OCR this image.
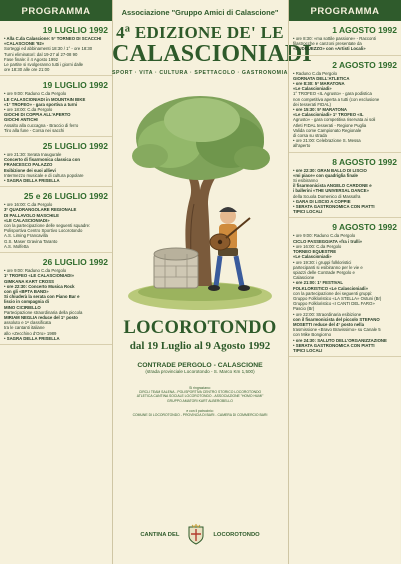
PROGRAMMA
19 LUGLIO 1992
• Alla C.da Calascione: 5° TORNEO DI SCACCHI «CALASCIONE '92»
Sorteggi ed abbinamenti 18:30 / 1° - ore 18:30
Turni eliminatori: dal 19-27 al 27-08 90
Fase finale: il 4 Agosto 1992
Le partite si svolgeranno tutti i giorni dalle
ore 18:30 alle ore 21:00
19 LUGLIO 1992
• ore 9:00: Raduno C.da Pergolo
LE CALASCIONIADI in MOUNTAIN BIKE
«1° TROFEO» - gara sportiva a turni
• ore 18:00: C.da Pergolo
GIOCHI DI COPPIA ALL'APERTO
GIOCHI ANTICHI
Assalto alla cuccagna - Braccio di ferro
Tiro alla fune - Corsa nei sacchi
25 LUGLIO 1992
• ore 21:30: Serata Inaugurale
Concerto di fisarmonica classica con
FRANCESCO PALAZZO
Esibizione dei suoi allievi
Intermezzo musicale e di cultura popolare
• SAGRA DELLA FRISELLA
25 e 26 LUGLIO 1992
• ore 16:00: C.da Pergolo
3° QUADRANGOLARE REGIONALE
DI PALLAVOLO MASCHILE
«LE CALASCIONIADI»
con la partecipazione delle seguenti squadre:
Polisportiva Centro Sportivo Locorotondo
A.S. Liming Francavilla
G.S. Maser Gravina Taranto
A.S. Molfetta
26 LUGLIO 1992
• ore 9:00: Raduno C.da Pergolo
1° TROFEO «LE CALASCIONIADI»
GIMKANA KART CROSS
• ore 22:30: Concerto Musica Rock
con gli «BPTA BAND»
Si chiuderà la serata con Piano Bar e
liscio in compagnia di
MINO CICIRIELLO
Partecipazione straordinaria della piccola
MIRIAM NEGLIA reduce del 1° posto
assoluto e 1ª classificata
tra le cantanti italiane
allo «Zecchino d'Oro» 1989
• SAGRA DELLA FRISELLA
Associazione "Gruppo Amici di Calascione"
4ª EDIZIONE DE' LE
CALASCIONIADI
SPORT · VITA · CULTURA · SPETTACOLO · GASTRONOMIA
LOCOROTONDO
dal 19 Luglio al 9 Agosto 1992
CONTRADE PERGOLO - CALASCIONE
(strada provinciale Locorotondo - S. Marco Km 1,500)
Si ringraziano:
CIRCLI TEAM SALENA - POLISPORTIVA CENTRO STORICO LOCOROTONDO
ATLETICA CANTINA SOCIALE LOCOROTONDO - ASSOCIAZIONE "HOMO HUMI"
GRUPPO AMATORI KART ALBEROBELLO
e con il patrocinio:
COMUNE DI LOCOROTONDO - PROVINCIA DI BARI - CAMERA DI COMMERCIO BARI
CANTINA DEL	LOCOROTONDO
PROGRAMMA
1 AGOSTO 1992
• ore 8:30: «ma sottile passione» - Racconti
filastrocche e canzoni presentate da
«DUDDUEZZO» con «Artisti Locali»
2 AGOSTO 1992
• Raduno C.da Pergolo
GIORNATA DELL'ATLETICA
• ore 8:30: 5ª MARATONA
«Le Calascioniadi»
1° TROFEO «IL Agrusto» - gara podistica
non competitiva aperta a tutti (con esclusione
dei tesserati FIDAL)
• ore 15:30: 5ª MARATONA
«Le Calascioniadi» 1° TROFEO «IL
Agrusto» - gara competitiva riservata ai soli
Atleti FIDAL tesserati - Regione Puglia
Valida come Campionato Regionale
di corsa su strada
• ore 21:00: Celebrazione S. Messa
all'aperto
8 AGOSTO 1992
• ore 22:30: GRAN BALLO DI LISCIO
«mi piace» con quadriglia finale
Si esibiranno
il fisarmonicista ANGELO CARDONE e
i ballerini «THE UNIVERSAL DANCE»
della Scuola Domenico di Massafra
• GARA DI LISCIO A COPPIE
• SERATA GASTRONOMICA CON PIATTI
TIPICI LOCALI
9 AGOSTO 1992
• ore 9:00: Raduno C.da Pergolo
CICLO PASSEGGIATA «fra i trulli»
• ore 16:00: C.da Pergolo
TORNEO EQUESTRE
«Le Calascioniadi»
• ore 19:30: i gruppi folkloristici
partecipanti si esibiranno per le vie e
spiazzi delle Contrade Pergolo e
Calascione
• ore 21:00: 1° FESTIVAL
FOLKLORISTICO «Le Calascioniadi»
con la partecipazione dei seguenti gruppi:
Gruppo Folkloristico «LA STELLA» Ostuni (Br)
Gruppo Folkloristico «I CANTI DEL FARO»
Pascio (Br)
• ore 22:00: Straordinaria esibizione
con il fisarmonicista del piccolo STEFANO
MOSETTI reduce del 4° posto nella
trasmissione «Bravo Bravissimo» su Canale 5
con Mike Bongiorno
• ore 24:30: SALUTO DELL'ORGANIZZAZIONE
• SERATA GASTRONOMICA CON PIATTI
TIPICI LOCALI
